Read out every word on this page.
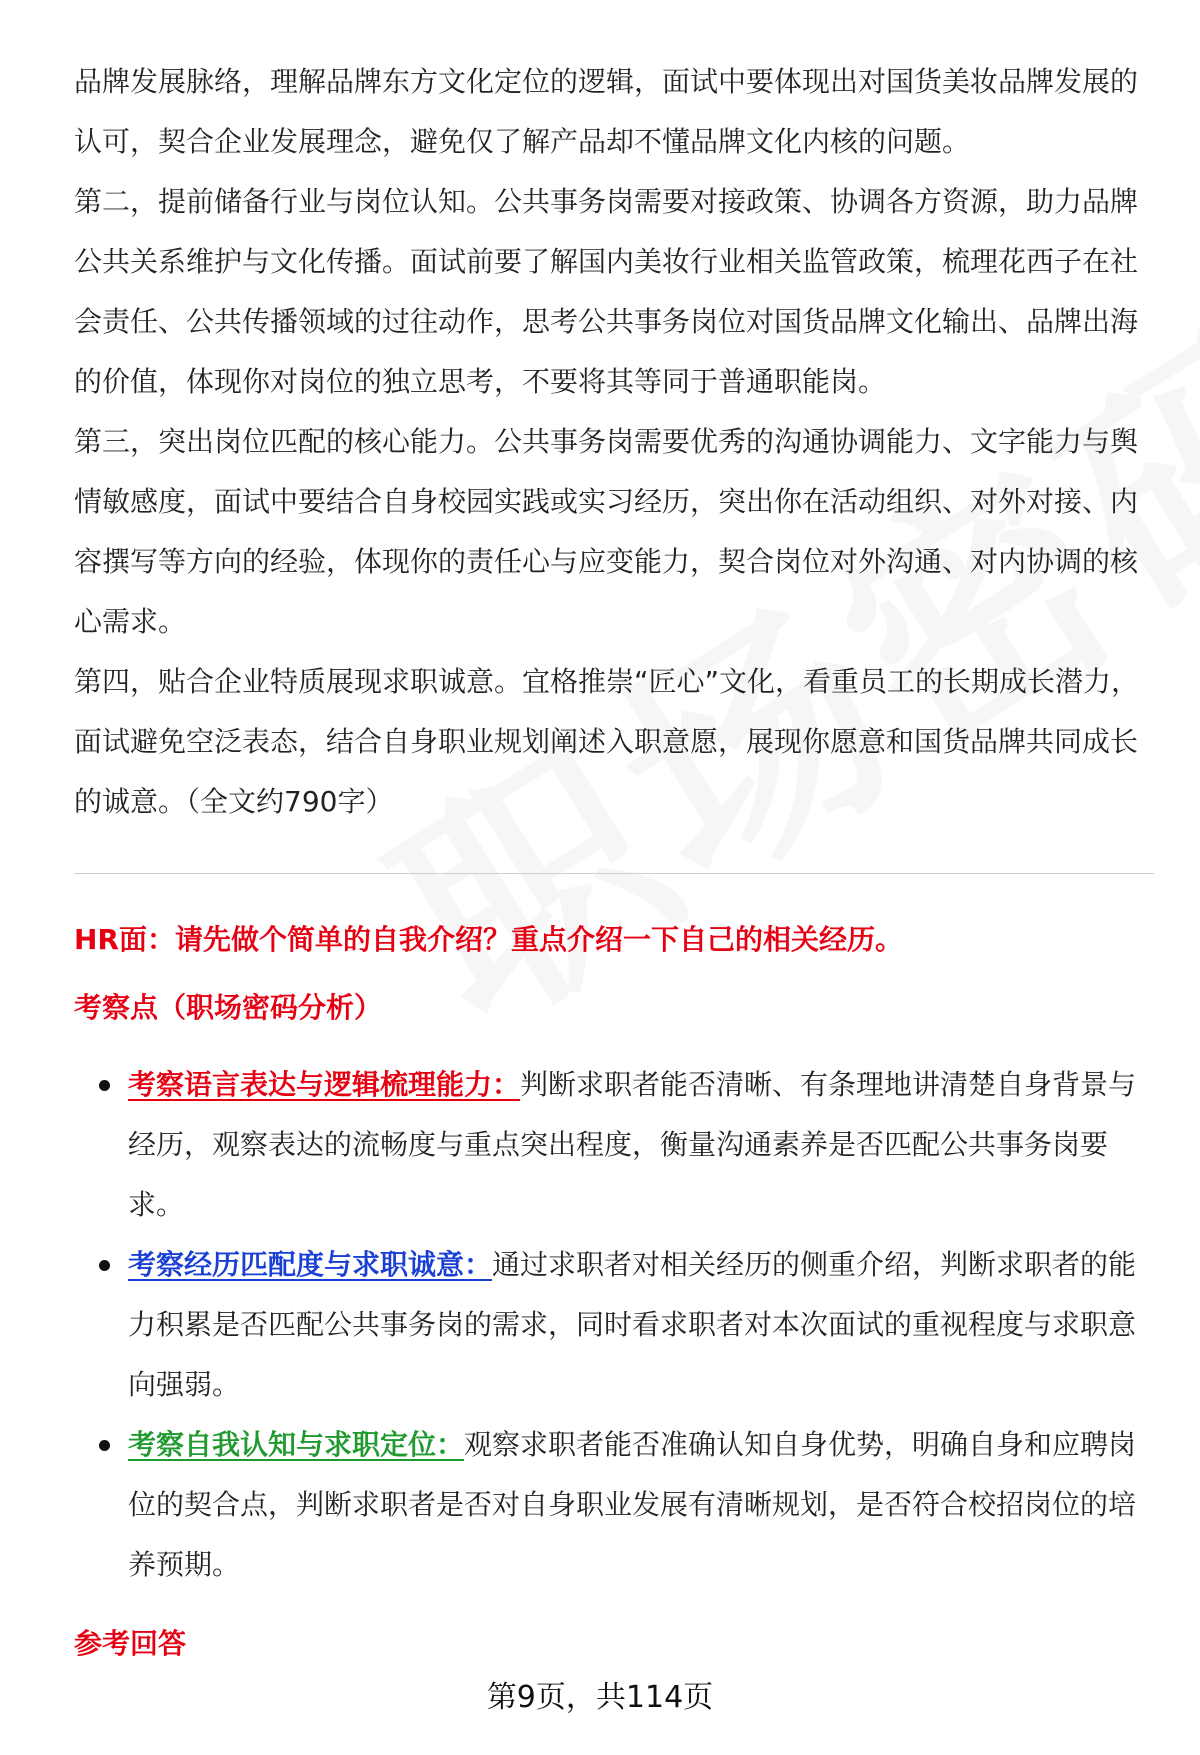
品牌发展脉络，理解品牌东方文化定位的逻辑，面试中要体现出对国货美妆品牌发展的认可，契合企业发展理念，避免仅了解产品却不懂品牌文化内核的问题。

第二，提前储备行业与岗位认知。公共事务岗需要对接政策、协调各方资源，助力品牌公共关系维护与文化传播。面试前要了解国内美妆行业相关监管政策，梳理花西子在社会责任、公共传播领域的过往动作，思考公共事务岗位对国货品牌文化输出、品牌出海的价值，体现你对岗位的独立思考，不要将其等同于普通职能岗。

第三，突出岗位匹配的核心能力。公共事务岗需要优秀的沟通协调能力、文字能力与舆情敏感度，面试中要结合自身校园实践或实习经历，突出你在活动组织、对外对接、内容撰写等方向的经验，体现你的责任心与应变能力，契合岗位对外沟通、对内协调的核心需求。

第四，贴合企业特质展现求职诚意。宜格推崇“匠心”文化，看重员工的长期成长潜力，面试避免空泛表态，结合自身职业规划阐述入职意愿，展现你愿意和国货品牌共同成长的诚意。（全文约790字）

HR面：请先做个简单的自我介绍？重点介绍一下自己的相关经历。
考察点（职场密码分析）
考察语言表达与逻辑梳理能力：判断求职者能否清晰、有条理地讲清楚自身背景与经历，观察表达的流畅度与重点突出程度，衡量沟通素养是否匹配公共事务岗要求。
考察经历匹配度与求职诚意：通过求职者对相关经历的侧重介绍，判断求职者的能力积累是否匹配公共事务岗的需求，同时看求职者对本次面试的重视程度与求职意向强弱。
考察自我认知与求职定位：观察求职者能否准确认知自身优势，明确自身和应聘岗位的契合点，判断求职者是否对自身职业发展有清晰规划，是否符合校招岗位的培养预期。
参考回答
第9页，共114页
